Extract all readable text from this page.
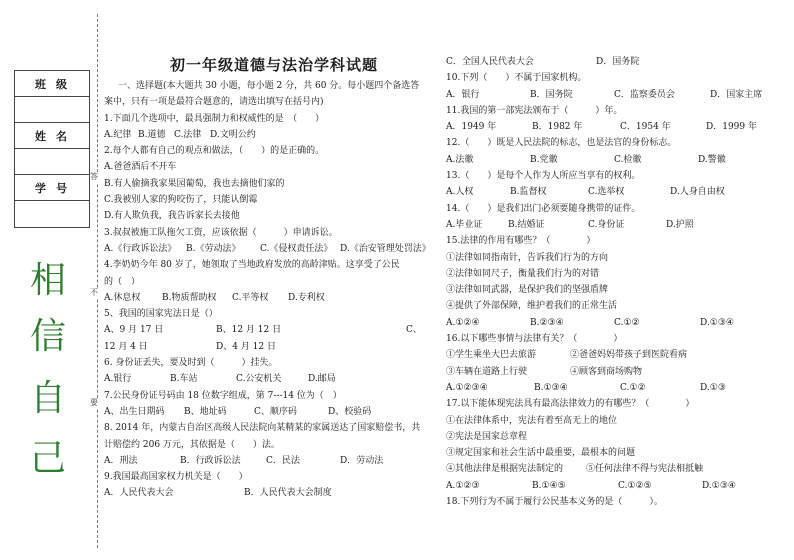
班级
姓名
学号
相
信
自
己
答
不
要
初一年级道德与法治学科试题
一、选择题(本大题共 30 小题，每小题 2 分，共 60 分。每小题四个备选答
案中，只有一项是最符合题意的，请选出填写在括号内)
1.下面几个选项中，最具强制力和权威性的是　（　　）
A.纪律 B.道德 C.法律 D.文明公约
2.每个人都有自己的观点和做法，（　　）的是正确的。
A.爸爸酒后不开车
B.有人偷摘我家果园葡萄，我也去摘他们家的
C.我被别人家的狗咬伤了，只能认倒霉
D.有人欺负我，我告诉家长去接他
3.叔叔被施工队拖欠工资，应该依据（　　　）申请诉讼。
A.《行政诉讼法》	B.《劳动法》	C.《侵权责任法》 D.《治安管理处罚法》
4.李奶奶今年 80 岁了，她领取了当地政府发放的高龄津贴。这享受了公民
的（　）
A.休息权	B.物质帮助权	C.平等权	D.专利权
5、我国的国家宪法日是（）
A、9 月 17 日	B、12 月 12 日	C、
12 月 4 日	D、4 月 12 日
6. 身份证丢失，要及时到（　　　）挂失。
A.银行	B.车站	C.公安机关	D.邮局
7.公民身份证号码由 18 位数字组成，第 7---14 位为（　）
A、出生日期码	B、地址码	C、顺序码	D、校验码
8. 2014 年，内蒙古自治区高级人民法院向某精某的家属送达了国家赔偿书，共
计赔偿约 206 万元，其依据是（　　）法。
A．刑法	B．行政诉讼法	C．民法	D．劳动法
9.我国最高国家权力机关是（　　）
A．人民代表大会	B．人民代表大会制度
C．全国人民代表大会	D．国务院
10.下列（　　）不属于国家机构。
A．银行	B．国务院	C．监察委员会	D．国家主席
11.我国的第一部宪法颁布于（　　　）年。
A．1949 年	B．1982 年	C．1954 年	D．1999 年
12.（　　）既是人民法院的标志，也是法官的身份标志。
A.法徽	B.党徽	C.检徽	D.警徽
13.（　　）是每个人作为人所应当享有的权利。
A.人权	B.监督权	C.选举权	D.人身自由权
14.（　　）是我们出门必须要随身携带的证件。
A.毕业证	B.结婚证	C.身份证	D.护照
15.法律的作用有哪些？（　　　　）
①法律如同指南针，告诉我们行为的方向
②法律如同尺子，衡量我们行为的对错
③法律如同武器，是保护我们的坚强盾牌
④提供了外部保障，维护着我们的正常生活
A.①②④	B.②③④	C.①②	D.①③④
16.以下哪些事情与法律有关？（　　　　）
①学生乘坐大巴去旅游	②爸爸妈妈带孩子到医院看病
③车辆在道路上行驶	④顾客到商场购物
A.①②③④	B.①③④	C.①②	D.①③
17.以下能体现宪法具有最高法律效力的有哪些？（　　　　）
①在法律体系中，宪法有着至高无上的地位
②宪法是国家总章程
③规定国家和社会生活中最重要，最根本的问题
④其他法律是根据宪法制定的	⑤任何法律不得与宪法相抵触
A.①②③	B.①④⑤	C.①②⑤	D.①③④
18.下列行为不属于履行公民基本义务的是（　　　）。
